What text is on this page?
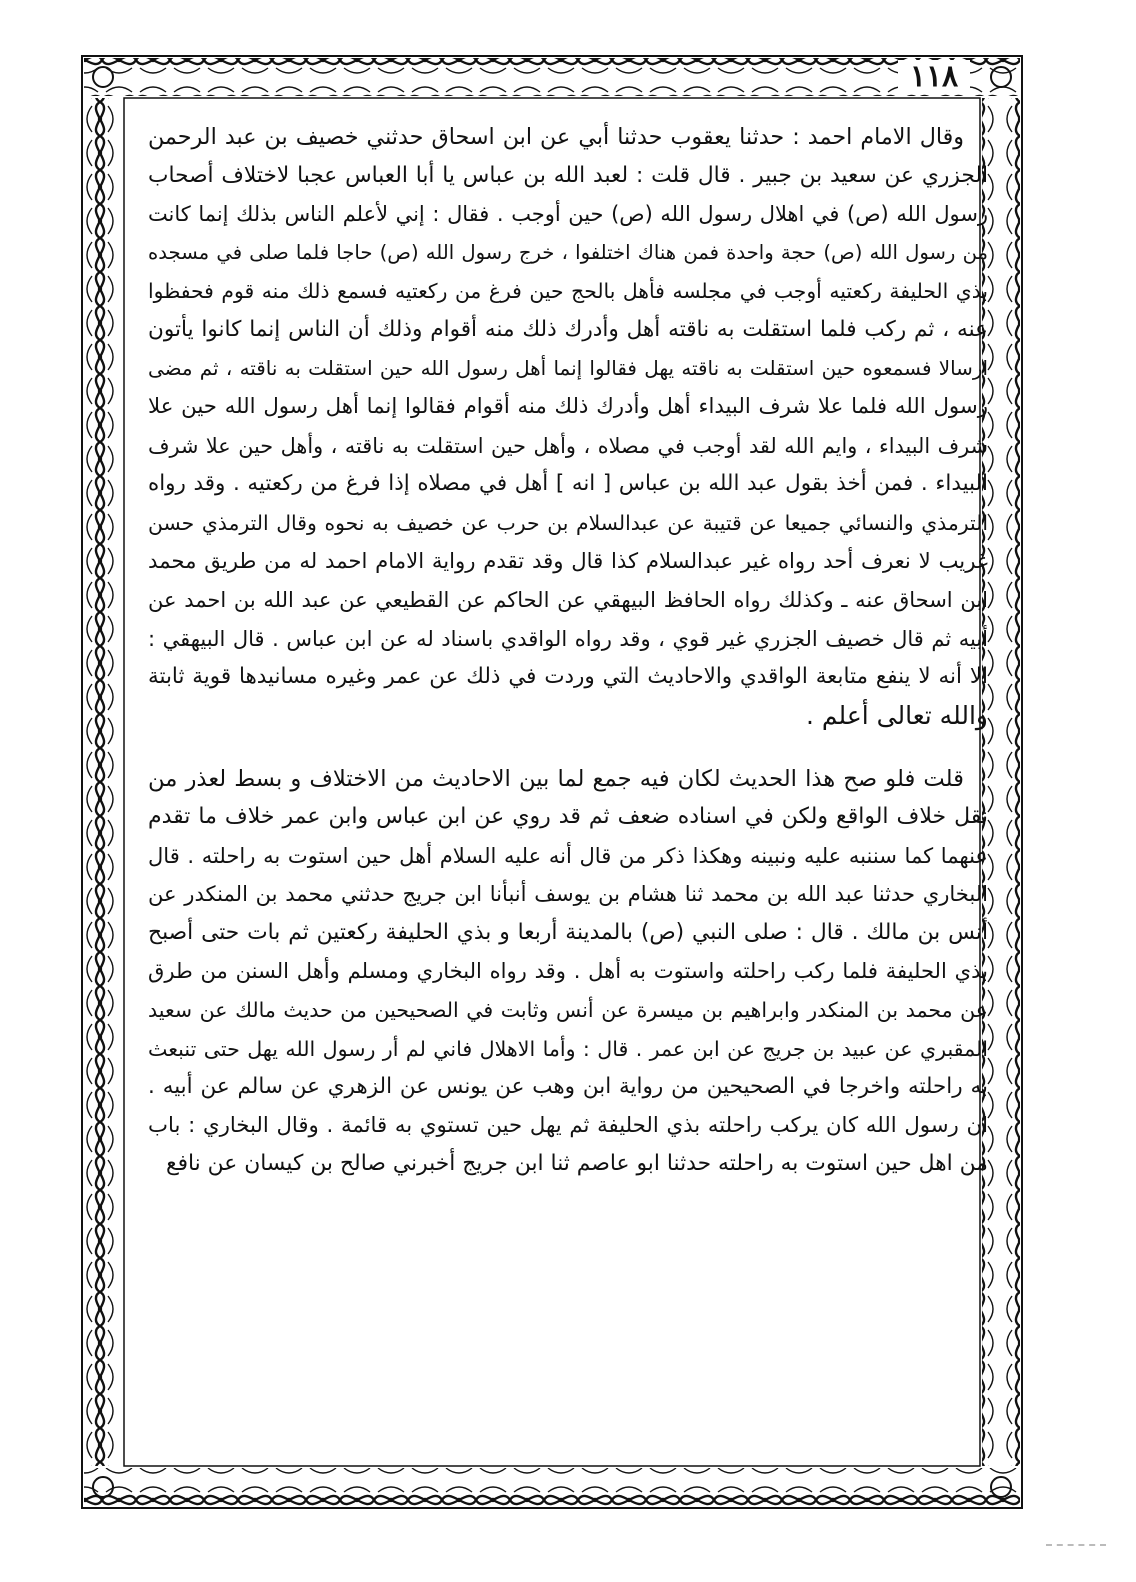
١١٨
وقال الامام احمد : حدثنا يعقوب حدثنا أبي عن ابن اسحاق حدثني خصيف بن عبد الرحمن
الجزري عن سعيد بن جبير . قال قلت : لعبد الله بن عباس يا أبا العباس عجبا لاختلاف أصحاب
رسول الله (ص) في اهلال رسول الله (ص) حين أوجب . فقال : إني لأعلم الناس بذلك إنما كانت
من رسول الله (ص) حجة واحدة فمن هناك اختلفوا ، خرج رسول الله (ص) حاجا فلما صلى في مسجده
بذي الحليفة ركعتيه أوجب في مجلسه فأهل بالحج حين فرغ من ركعتيه فسمع ذلك منه قوم فحفظوا
عنه ، ثم ركب فلما استقلت به ناقته أهل وأدرك ذلك منه أقوام وذلك أن الناس إنما كانوا يأتون
ارسالا فسمعوه حين استقلت به ناقته يهل فقالوا إنما أهل رسول الله حين استقلت به ناقته ، ثم مضى
رسول الله فلما علا شرف البيداء أهل وأدرك ذلك منه أقوام فقالوا إنما أهل رسول الله حين علا
شرف البيداء ، وايم الله لقد أوجب في مصلاه ، وأهل حين استقلت به ناقته ، وأهل حين علا شرف
البيداء . فمن أخذ بقول عبد الله بن عباس [ انه ] أهل في مصلاه إذا فرغ من ركعتيه . وقد رواه
الترمذي والنسائي جميعا عن قتيبة عن عبدالسلام بن حرب عن خصيف به نحوه وقال الترمذي حسن
غريب لا نعرف أحد رواه غير عبدالسلام كذا قال وقد تقدم رواية الامام احمد له من طريق محمد
ابن اسحاق عنه ـ وكذلك رواه الحافظ البيهقي عن الحاكم عن القطيعي عن عبد الله بن احمد عن
أبيه ثم قال خصيف الجزري غير قوي ، وقد رواه الواقدي باسناد له عن ابن عباس . قال البيهقي :
الا أنه لا ينفع متابعة الواقدي والاحاديث التي وردت في ذلك عن عمر وغيره مسانيدها قوية ثابتة
والله تعالى أعلم .
قلت فلو صح هذا الحديث لكان فيه جمع لما بين الاحاديث من الاختلاف و بسط لعذر من
نقل خلاف الواقع ولكن في اسناده ضعف ثم قد روي عن ابن عباس وابن عمر خلاف ما تقدم
عنهما كما سننبه عليه ونبينه وهكذا ذكر من قال أنه عليه السلام أهل حين استوت به راحلته . قال
البخاري حدثنا عبد الله بن محمد ثنا هشام بن يوسف أنبأنا ابن جريج حدثني محمد بن المنكدر عن
أنس بن مالك . قال : صلى النبي (ص) بالمدينة أربعا و بذي الحليفة ركعتين ثم بات حتى أصبح
بذي الحليفة فلما ركب راحلته واستوت به أهل . وقد رواه البخاري ومسلم وأهل السنن من طرق
عن محمد بن المنكدر وابراهيم بن ميسرة عن أنس وثابت في الصحيحين من حديث مالك عن سعيد
المقبري عن عبيد بن جريج عن ابن عمر . قال : وأما الاهلال فاني لم أر رسول الله يهل حتى تنبعث
به راحلته واخرجا في الصحيحين من رواية ابن وهب عن يونس عن الزهري عن سالم عن أبيه .
ان رسول الله كان يركب راحلته بذي الحليفة ثم يهل حين تستوي به قائمة . وقال البخاري : باب
من اهل حين استوت به راحلته حدثنا ابو عاصم ثنا ابن جريج أخبرني صالح بن كيسان عن نافع
